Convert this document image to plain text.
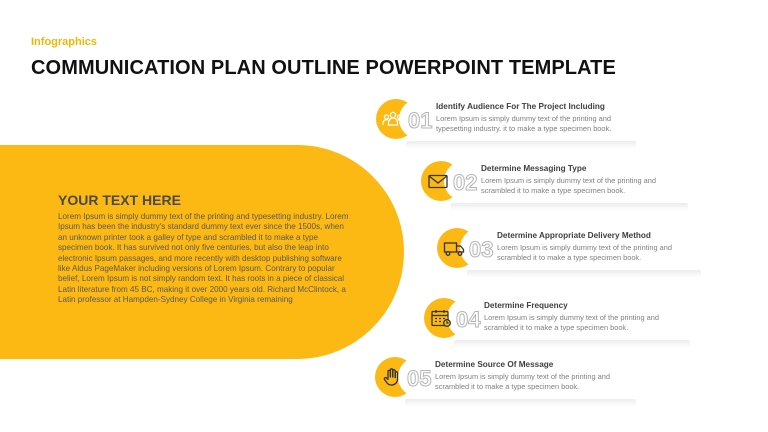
Infographics
COMMUNICATION PLAN OUTLINE POWERPOINT TEMPLATE
YOUR TEXT HERE
Lorem Ipsum is simply dummy text of the printing and typesetting industry. Lorem Ipsum has been the industry's standard dummy text ever since the 1500s, when an unknown printer took a galley of type and scrambled it to make a type specimen book. It has survived not only five centuries, but also the leap into electronic Ipsum passages, and more recently with desktop publishing software like Aldus PageMaker including versions of Lorem Ipsum. Contrary to popular belief, Lorem Ipsum is not simply random text. It has roots in a piece of classical Latin literature from 45 BC, making it over 2000 years old. Richard McClintock, a Latin professor at Hampden-Sydney College in Virginia remaining
01
Identify Audience For The Project Including
Lorem Ipsum is simply dummy text of the printing and typesetting industry. it to make a type specimen book.
02
Determine Messaging Type
Lorem Ipsum is simply dummy text of the printing and scrambled it to make a type specimen book.
03
Determine Appropriate Delivery Method
Lorem Ipsum is simply dummy text of the printing and scrambled it to make a type specimen book.
04
Determine Frequency
Lorem Ipsum is simply dummy text of the printing and scrambled it to make a type specimen book.
05
Determine Source Of Message
Lorem Ipsum is simply dummy text of the printing and scrambled it to make a type specimen book.
